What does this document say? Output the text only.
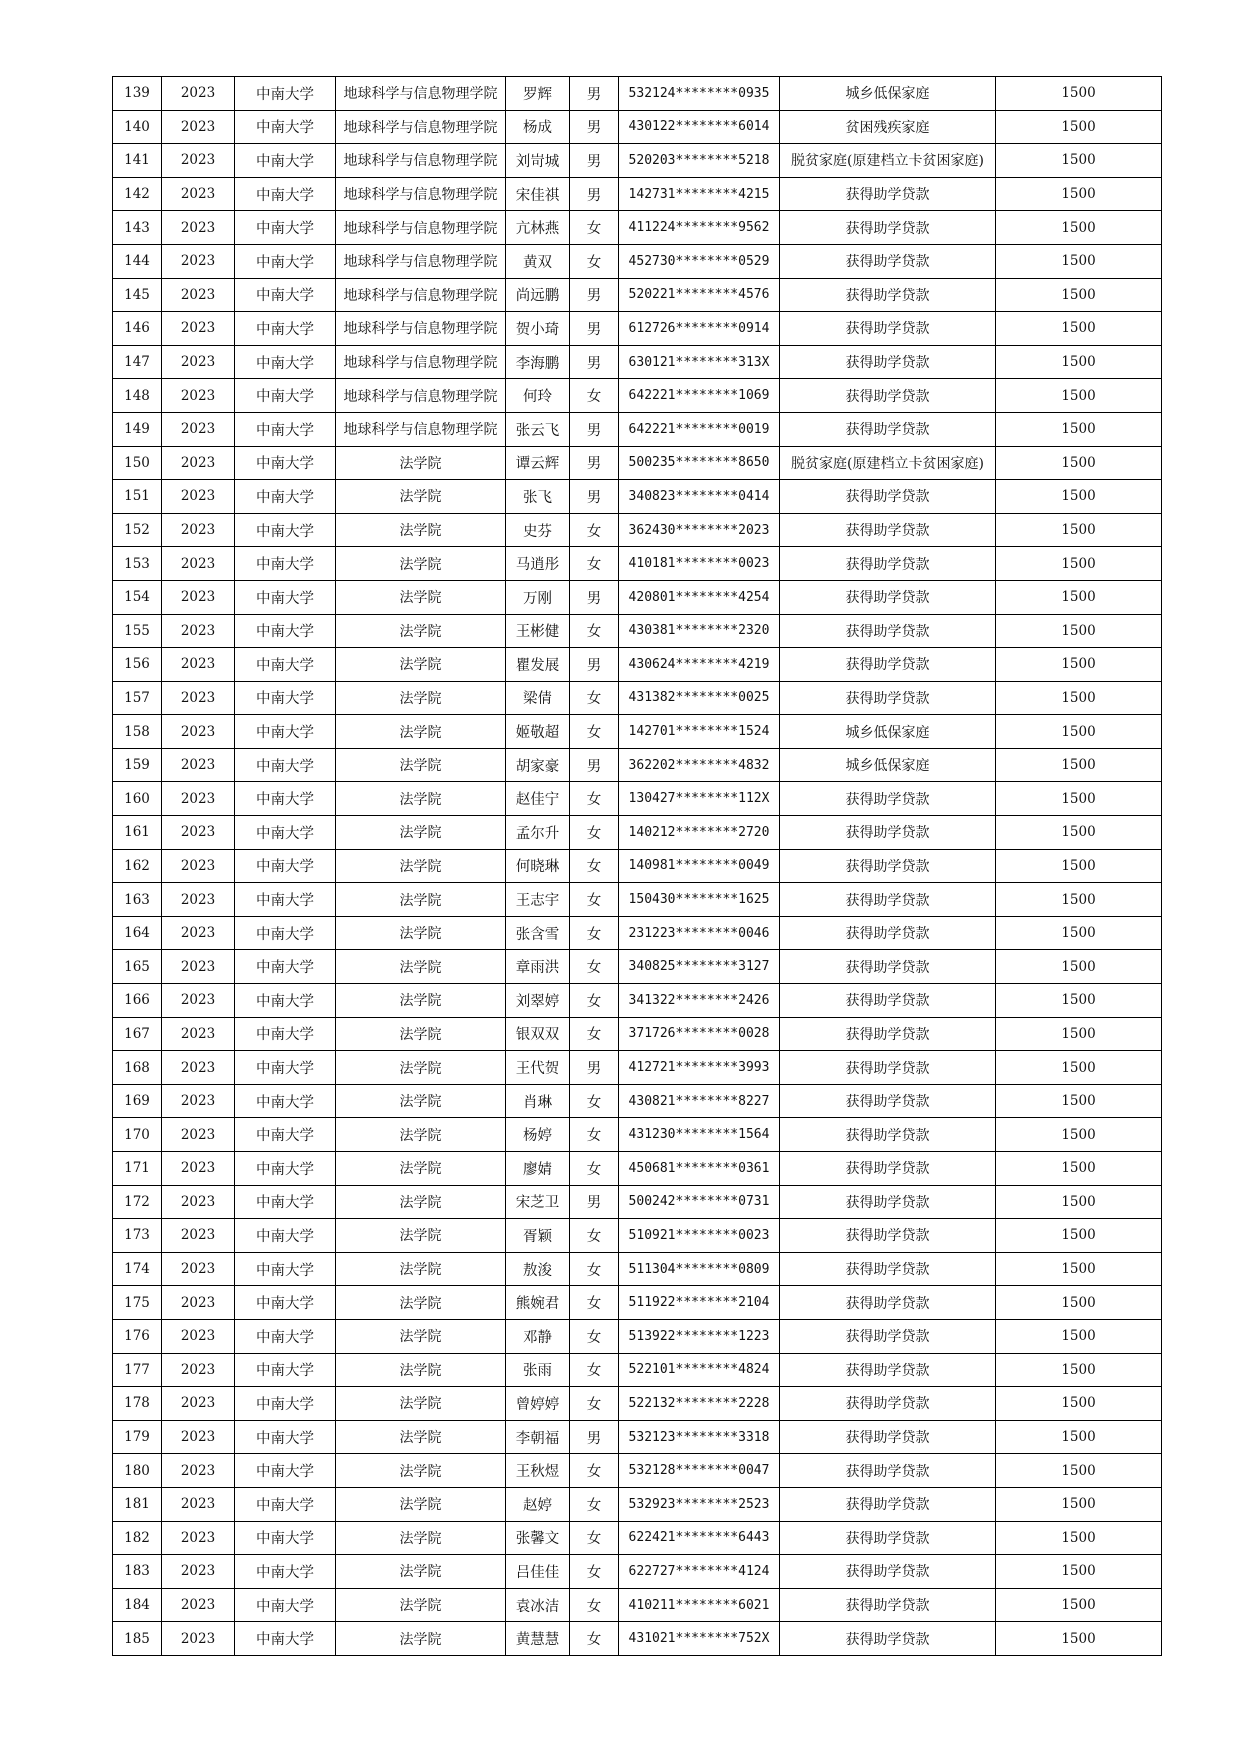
139	2023	中南大学	地球科学与信息物理学院	罗辉	男	532124********0935	城乡低保家庭	1500
140	2023	中南大学	地球科学与信息物理学院	杨成	男	430122********6014	贫困残疾家庭	1500
141	2023	中南大学	地球科学与信息物理学院	刘岢城	男	520203********5218	脱贫家庭(原建档立卡贫困家庭)	1500
142	2023	中南大学	地球科学与信息物理学院	宋佳祺	男	142731********4215	获得助学贷款	1500
143	2023	中南大学	地球科学与信息物理学院	亢林燕	女	411224********9562	获得助学贷款	1500
144	2023	中南大学	地球科学与信息物理学院	黄双	女	452730********0529	获得助学贷款	1500
145	2023	中南大学	地球科学与信息物理学院	尚远鹏	男	520221********4576	获得助学贷款	1500
146	2023	中南大学	地球科学与信息物理学院	贺小琦	男	612726********0914	获得助学贷款	1500
147	2023	中南大学	地球科学与信息物理学院	李海鹏	男	630121********313X	获得助学贷款	1500
148	2023	中南大学	地球科学与信息物理学院	何玲	女	642221********1069	获得助学贷款	1500
149	2023	中南大学	地球科学与信息物理学院	张云飞	男	642221********0019	获得助学贷款	1500
150	2023	中南大学	法学院	谭云辉	男	500235********8650	脱贫家庭(原建档立卡贫困家庭)	1500
151	2023	中南大学	法学院	张飞	男	340823********0414	获得助学贷款	1500
152	2023	中南大学	法学院	史芬	女	362430********2023	获得助学贷款	1500
153	2023	中南大学	法学院	马逍彤	女	410181********0023	获得助学贷款	1500
154	2023	中南大学	法学院	万刚	男	420801********4254	获得助学贷款	1500
155	2023	中南大学	法学院	王彬健	女	430381********2320	获得助学贷款	1500
156	2023	中南大学	法学院	瞿发展	男	430624********4219	获得助学贷款	1500
157	2023	中南大学	法学院	梁倩	女	431382********0025	获得助学贷款	1500
158	2023	中南大学	法学院	姬敬超	女	142701********1524	城乡低保家庭	1500
159	2023	中南大学	法学院	胡家豪	男	362202********4832	城乡低保家庭	1500
160	2023	中南大学	法学院	赵佳宁	女	130427********112X	获得助学贷款	1500
161	2023	中南大学	法学院	孟尔升	女	140212********2720	获得助学贷款	1500
162	2023	中南大学	法学院	何晓琳	女	140981********0049	获得助学贷款	1500
163	2023	中南大学	法学院	王志宇	女	150430********1625	获得助学贷款	1500
164	2023	中南大学	法学院	张含雪	女	231223********0046	获得助学贷款	1500
165	2023	中南大学	法学院	章雨洪	女	340825********3127	获得助学贷款	1500
166	2023	中南大学	法学院	刘翠婷	女	341322********2426	获得助学贷款	1500
167	2023	中南大学	法学院	银双双	女	371726********0028	获得助学贷款	1500
168	2023	中南大学	法学院	王代贺	男	412721********3993	获得助学贷款	1500
169	2023	中南大学	法学院	肖琳	女	430821********8227	获得助学贷款	1500
170	2023	中南大学	法学院	杨婷	女	431230********1564	获得助学贷款	1500
171	2023	中南大学	法学院	廖婧	女	450681********0361	获得助学贷款	1500
172	2023	中南大学	法学院	宋芝卫	男	500242********0731	获得助学贷款	1500
173	2023	中南大学	法学院	胥颖	女	510921********0023	获得助学贷款	1500
174	2023	中南大学	法学院	敖浚	女	511304********0809	获得助学贷款	1500
175	2023	中南大学	法学院	熊婉君	女	511922********2104	获得助学贷款	1500
176	2023	中南大学	法学院	邓静	女	513922********1223	获得助学贷款	1500
177	2023	中南大学	法学院	张雨	女	522101********4824	获得助学贷款	1500
178	2023	中南大学	法学院	曾婷婷	女	522132********2228	获得助学贷款	1500
179	2023	中南大学	法学院	李朝福	男	532123********3318	获得助学贷款	1500
180	2023	中南大学	法学院	王秋煜	女	532128********0047	获得助学贷款	1500
181	2023	中南大学	法学院	赵婷	女	532923********2523	获得助学贷款	1500
182	2023	中南大学	法学院	张馨文	女	622421********6443	获得助学贷款	1500
183	2023	中南大学	法学院	吕佳佳	女	622727********4124	获得助学贷款	1500
184	2023	中南大学	法学院	袁冰洁	女	410211********6021	获得助学贷款	1500
185	2023	中南大学	法学院	黄慧慧	女	431021********752X	获得助学贷款	1500
